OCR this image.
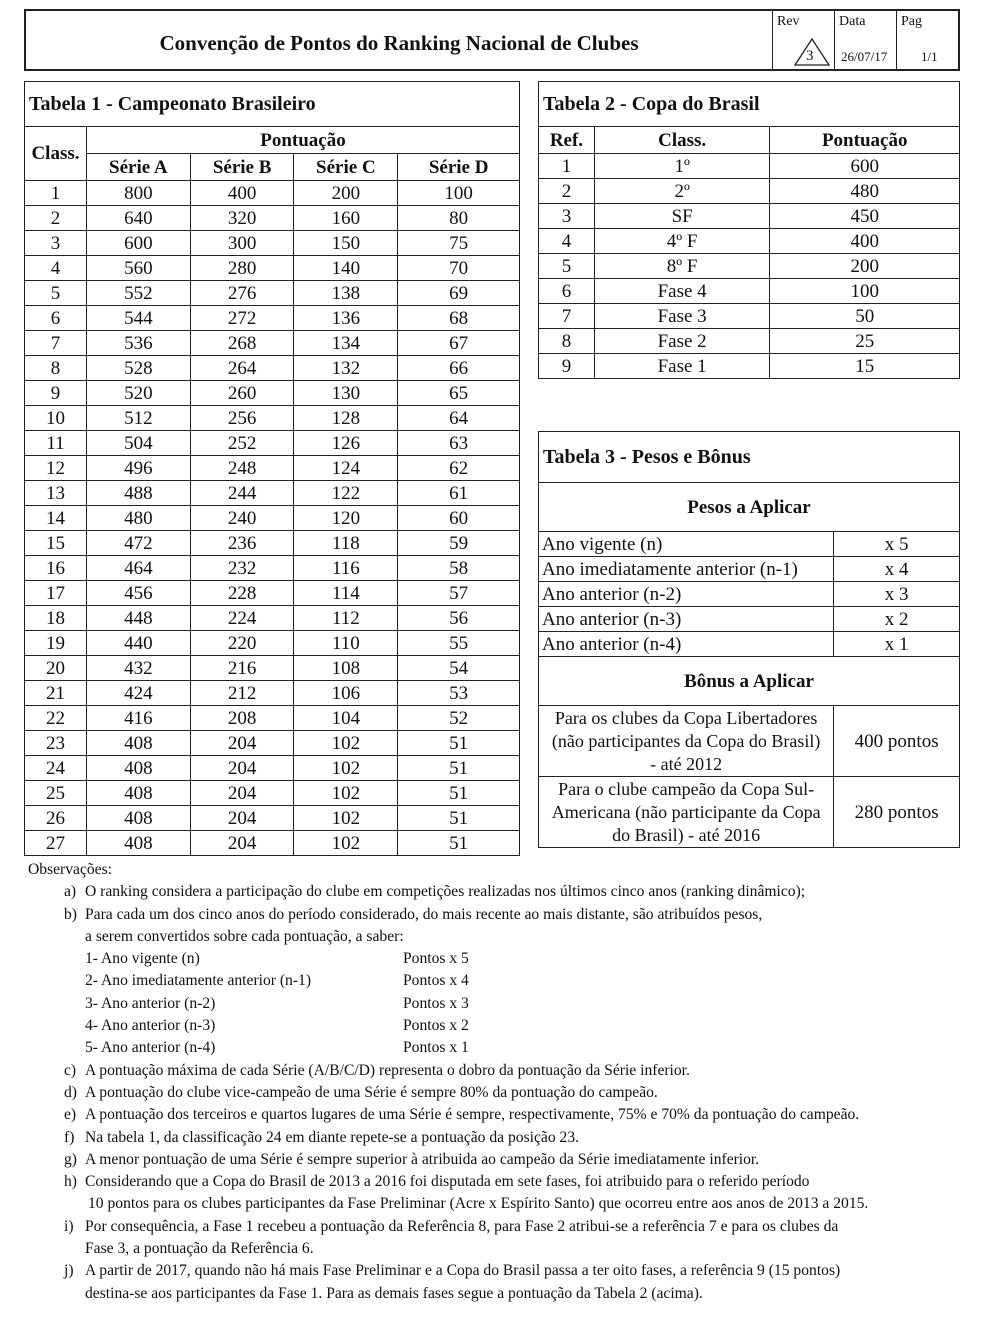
Convenção de Pontos do Ranking Nacional de Clubes
Rev
3
Data
26/07/17
Pag
1/1
Tabela 1 - Campeonato Brasileiro				
Class.	Pontuação			
	Série A	Série B	Série C	Série D
1	800	400	200	100
2	640	320	160	80
3	600	300	150	75
4	560	280	140	70
5	552	276	138	69
6	544	272	136	68
7	536	268	134	67
8	528	264	132	66
9	520	260	130	65
10	512	256	128	64
11	504	252	126	63
12	496	248	124	62
13	488	244	122	61
14	480	240	120	60
15	472	236	118	59
16	464	232	116	58
17	456	228	114	57
18	448	224	112	56
19	440	220	110	55
20	432	216	108	54
21	424	212	106	53
22	416	208	104	52
23	408	204	102	51
24	408	204	102	51
25	408	204	102	51
26	408	204	102	51
27	408	204	102	51
Tabela 2 - Copa do Brasil		
Ref.	Class.	Pontuação
1	1º	600
2	2º	480
3	SF	450
4	4º F	400
5	8º F	200
6	Fase 4	100
7	Fase 3	50
8	Fase 2	25
9	Fase 1	15
Tabela 3 - Pesos e Bônus	
Pesos a Aplicar	
Ano vigente (n)	x 5
Ano imediatamente anterior (n-1)	x 4
Ano anterior (n-2)	x 3
Ano anterior (n-3)	x 2
Ano anterior (n-4)	x 1
Bônus a Aplicar	

Para os clubes da Copa Libertadores
(não participantes da Copa do Brasil)
- até 2012	400 pontos

Para o clube campeão da Copa Sul-
Americana (não participante da Copa
do Brasil) - até 2016	280 pontos
Observações:
a) O ranking considera a participação do clube em competições realizadas nos últimos cinco anos (ranking dinâmico);
b) Para cada um dos cinco anos do período considerado, do mais recente ao mais distante, são atribuídos pesos,
a serem convertidos sobre cada pontuação, a saber:
1- Ano vigente (n)	Pontos x 5
2- Ano imediatamente anterior (n-1)	Pontos x 4
3- Ano anterior (n-2)	Pontos x 3
4- Ano anterior (n-3)	Pontos x 2
5- Ano anterior (n-4)	Pontos x 1
c) A pontuação máxima de cada Série (A/B/C/D) representa o dobro da pontuação da Série inferior.
d) A pontuação do clube vice-campeão de uma Série é sempre 80% da pontuação do campeão.
e) A pontuação dos terceiros e quartos lugares de uma Série é sempre, respectivamente, 75% e 70% da pontuação do campeão.
f) Na tabela 1, da classificação 24 em diante repete-se a pontuação da posição 23.
g) A menor pontuação de uma Série é sempre superior à atribuida ao campeão da Série imediatamente inferior.
h) Considerando que a Copa do Brasil de 2013 a 2016 foi disputada em sete fases, foi atribuido para o referido período
10 pontos para os clubes participantes da Fase Preliminar (Acre x Espírito Santo) que ocorreu entre aos anos de 2013 a 2015.
i) Por consequência, a Fase 1 recebeu a pontuação da Referência 8, para Fase 2 atribui-se a referência 7 e para os clubes da
Fase 3, a pontuação da Referência 6.
j) A partir de 2017, quando não há mais Fase Preliminar e a Copa do Brasil passa a ter oito fases, a referência 9 (15 pontos)
destina-se aos participantes da Fase 1. Para as demais fases segue a pontuação da Tabela 2 (acima).
